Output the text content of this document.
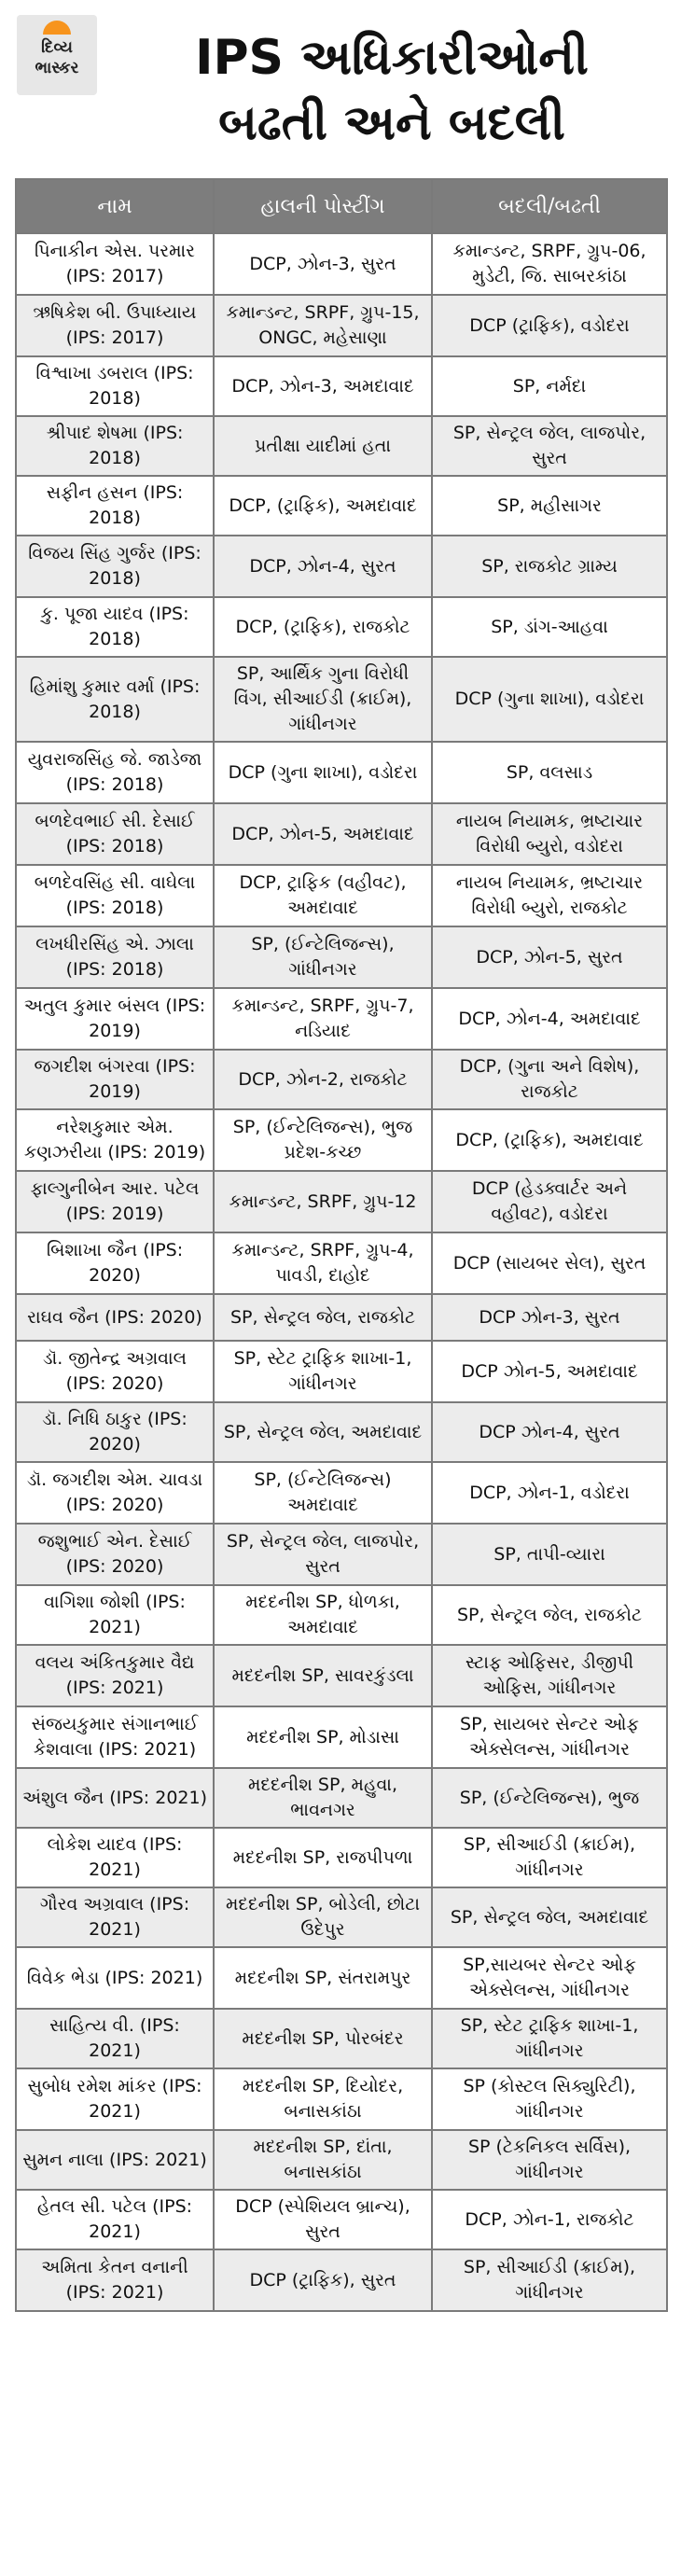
દિવ્ય
ભાસ્કર	IPS અધિકારીઓની
બઢતી અને બદલી
નામ	હાલની પોસ્ટીંગ	બદલી/બઢતી
પિનાકીન એસ. પરમાર (IPS: 2017)	DCP, ઝોન-3, સુરત	કમાન્ડન્ટ, SRPF, ગ્રુપ-06, મુડેટી, જિ. સાબરકાંઠા
ઋષિકેશ બી. ઉપાધ્યાય (IPS: 2017)	કમાન્ડન્ટ, SRPF, ગ્રુપ-15, ONGC, મહેસાણા	DCP (ટ્રાફિક), વડોદરા
વિશ્વાખા ડબરાલ (IPS: 2018)	DCP, ઝોન-3, અમદાવાદ	SP, નર્મદા
શ્રીપાદ શેષમા (IPS: 2018)	પ્રતીક્ષા યાદીમાં હતા	SP, સેન્ટ્રલ જેલ, લાજપોર, સુરત
સફીન હસન (IPS: 2018)	DCP, (ટ્રાફિક), અમદાવાદ	SP, મહીસાગર
વિજય સિંહ ગુર્જર (IPS: 2018)	DCP, ઝોન-4, સુરત	SP, રાજકોટ ગ્રામ્ય
કુ. પૂજા યાદવ (IPS: 2018)	DCP, (ટ્રાફિક), રાજકોટ	SP, ડાંગ-આહવા
હિમાંશુ કુમાર વર્મા (IPS: 2018)	SP, આર્થિક ગુના વિરોધી વિંગ, સીઆઈડી (ક્રાઈમ), ગાંધીનગર	DCP (ગુના શાખા), વડોદરા
યુવરાજસિંહ જે. જાડેજા (IPS: 2018)	DCP (ગુના શાખા), વડોદરા	SP, વલસાડ
બળદેવભાઈ સી. દેસાઈ (IPS: 2018)	DCP, ઝોન-5, અમદાવાદ	નાયબ નિયામક, ભ્રષ્ટાચાર વિરોધી બ્યુરો, વડોદરા
બળદેવસિંહ સી. વાઘેલા (IPS: 2018)	DCP, ટ્રાફિક (વહીવટ), અમદાવાદ	નાયબ નિયામક, ભ્રષ્ટાચાર વિરોધી બ્યુરો, રાજકોટ
લખધીરસિંહ એ. ઝાલા (IPS: 2018)	SP, (ઈન્ટેલિજન્સ), ગાંધીનગર	DCP, ઝોન-5, સુરત
અતુલ કુમાર બંસલ (IPS: 2019)	કમાન્ડન્ટ, SRPF, ગ્રુપ-7, નડિયાદ	DCP, ઝોન-4, અમદાવાદ
જગદીશ બંગરવા (IPS: 2019)	DCP, ઝોન-2, રાજકોટ	DCP, (ગુના અને વિશેષ), રાજકોટ
નરેશકુમાર એમ. કણઝરીયા (IPS: 2019)	SP, (ઈન્ટેલિજન્સ), ભુજ પ્રદેશ-કચ્છ	DCP, (ટ્રાફિક), અમદાવાદ
ફાલ્ગુનીબેન આર. પટેલ (IPS: 2019)	કમાન્ડન્ટ, SRPF, ગ્રુપ-12	DCP (હેડક્વાર્ટર અને વહીવટ), વડોદરા
બિશાખા જૈન (IPS: 2020)	કમાન્ડન્ટ, SRPF, ગ્રુપ-4, પાવડી, દાહોદ	DCP (સાયબર સેલ), સુરત
રાઘવ જૈન (IPS: 2020)	SP, સેન્ટ્રલ જેલ, રાજકોટ	DCP ઝોન-3, સુરત
ડૉ. જીતેન્દ્ર અગ્રવાલ (IPS: 2020)	SP, સ્ટેટ ટ્રાફિક શાખા-1, ગાંધીનગર	DCP ઝોન-5, અમદાવાદ
ડૉ. નિધિ ઠાકુર (IPS: 2020)	SP, સેન્ટ્રલ જેલ, અમદાવાદ	DCP ઝોન-4, સુરત
ડૉ. જગદીશ એમ. ચાવડા (IPS: 2020)	SP, (ઈન્ટેલિજન્સ) અમદાવાદ	DCP, ઝોન-1, વડોદરા
જશુભાઈ એન. દેસાઈ (IPS: 2020)	SP, સેન્ટ્રલ જેલ, લાજપોર, સુરત	SP, તાપી-વ્યારા
વાગિશા જોશી (IPS: 2021)	મદદનીશ SP, ધોળકા, અમદાવાદ	SP, સેન્ટ્રલ જેલ, રાજકોટ
વલય અંકિતકુમાર વૈદ્ય (IPS: 2021)	મદદનીશ SP, સાવરકુંડલા	સ્ટાફ ઓફિસર, ડીજીપી ઓફિસ, ગાંધીનગર
સંજયકુમાર સંગાનભાઈ કેશવાલા (IPS: 2021)	મદદનીશ SP, મોડાસા	SP, સાયબર સેન્ટર ઓફ એક્સેલન્સ, ગાંધીનગર
અંશુલ જૈન (IPS: 2021)	મદદનીશ SP, મહુવા, ભાવનગર	SP, (ઈન્ટેલિજન્સ), ભુજ
લોકેશ યાદવ (IPS: 2021)	મદદનીશ SP, રાજપીપળા	SP, સીઆઈડી (ક્રાઈમ), ગાંધીનગર
ગૌરવ અગ્રવાલ (IPS: 2021)	મદદનીશ SP, બોડેલી, છોટા ઉદેપુર	SP, સેન્ટ્રલ જેલ, અમદાવાદ
વિવેક ભેડા (IPS: 2021)	મદદનીશ SP, સંતરામપુર	SP,સાયબર સેન્ટર ઓફ એક્સેલન્સ, ગાંધીનગર
સાહિત્ય વી. (IPS: 2021)	મદદનીશ SP, પોરબંદર	SP, સ્ટેટ ટ્રાફિક શાખા-1, ગાંધીનગર
સુબોધ રમેશ માંકર (IPS: 2021)	મદદનીશ SP, દિયોદર, બનાસકાંઠા	SP (કોસ્ટલ સિક્યુરિટી), ગાંધીનગર
સુમન નાલા (IPS: 2021)	મદદનીશ SP, દાંતા, બનાસકાંઠા	SP (ટેકનિકલ સર્વિસ), ગાંધીનગર
હેતલ સી. પટેલ (IPS: 2021)	DCP (સ્પેશિયલ બ્રાન્ચ), સુરત	DCP, ઝોન-1, રાજકોટ
અમિતા કેતન વનાની (IPS: 2021)	DCP (ટ્રાફિક), સુરત	SP, સીઆઈડી (ક્રાઈમ), ગાંધીનગર
